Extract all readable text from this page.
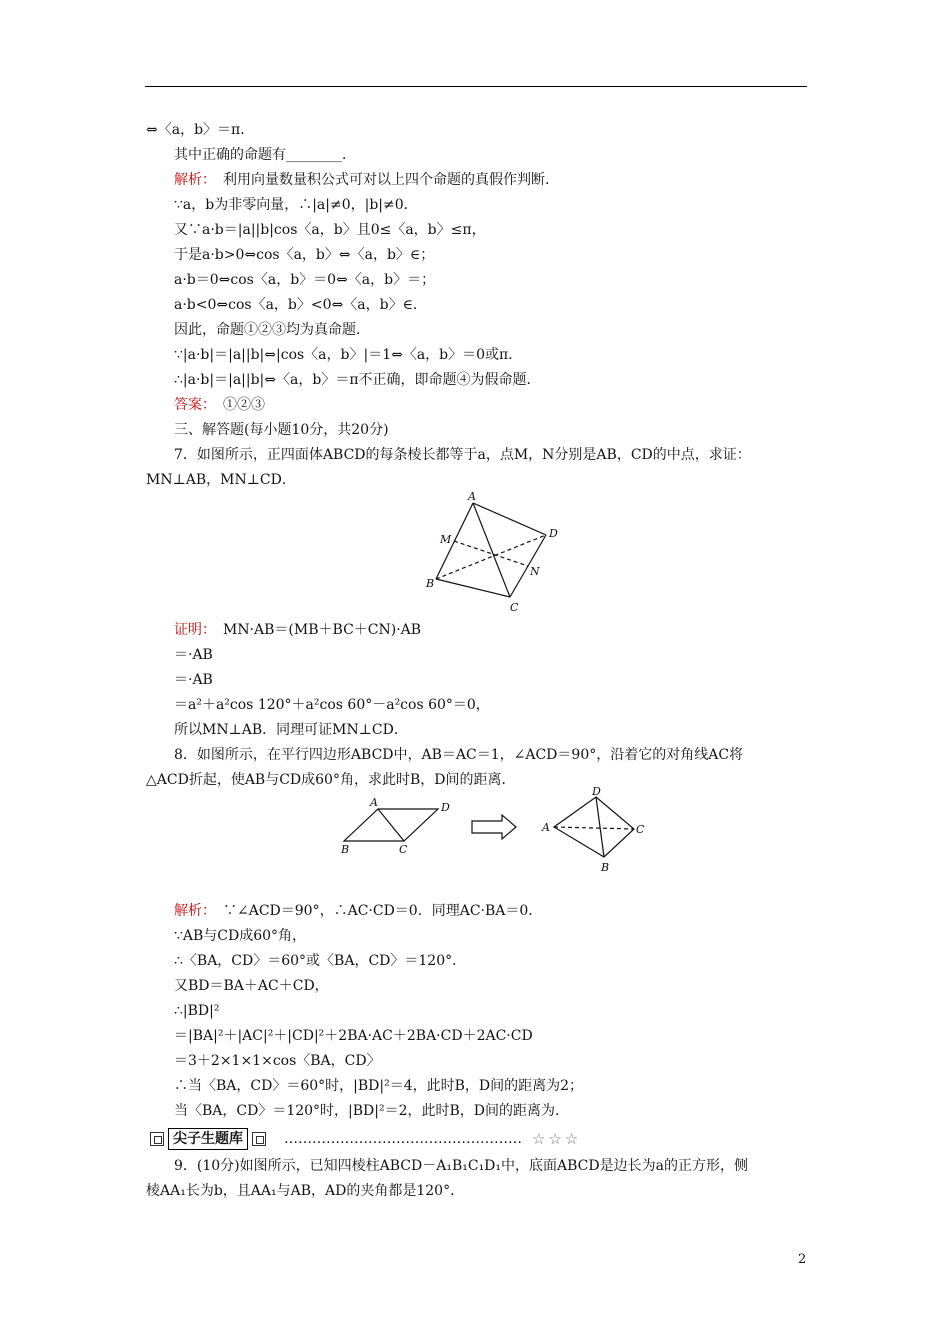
⇔〈a，b〉＝π．
其中正确的命题有________．
解析：　利用向量数量积公式可对以上四个命题的真假作判断．
∵a，b为非零向量，∴|a|≠0，|b|≠0．
又∵a·b＝|a||b|cos〈a，b〉且0≤〈a，b〉≤π，
于是a·b>0⇔cos〈a，b〉⇔〈a，b〉∈；
a·b＝0⇔cos〈a，b〉＝0⇔〈a，b〉＝；
a·b<0⇔cos〈a，b〉<0⇔〈a，b〉∈．
因此，命题①②③均为真命题．
∵|a·b|＝|a||b|⇔|cos〈a，b〉|＝1⇔〈a，b〉＝0或π．
∴|a·b|＝|a||b|⇔〈a，b〉＝π不正确，即命题④为假命题．
答案：　①②③
三、解答题(每小题10分，共20分)
7．如图所示，正四面体ABCD的每条棱长都等于a，点M，N分别是AB，CD的中点，求证：
MN⊥AB，MN⊥CD．
A
B
C
D
M
N
证明：　MN·AB＝(MB＋BC＋CN)·AB
＝·AB
＝·AB
＝a²＋a²cos 120°＋a²cos 60°－a²cos 60°＝0，
所以MN⊥AB．同理可证MN⊥CD．
8．如图所示，在平行四边形ABCD中，AB＝AC＝1，∠ACD＝90°，沿着它的对角线AC将
△ACD折起，使AB与CD成60°角，求此时B，D间的距离．
A	D
B	C
D
A	C
B
解析：　∵∠ACD＝90°，∴AC·CD＝0．同理AC·BA＝0．
∵AB与CD成60°角，
∴〈BA，CD〉＝60°或〈BA，CD〉＝120°．
又BD＝BA＋AC＋CD，
∴|BD|²
＝|BA|²＋|AC|²＋|CD|²＋2BA·AC＋2BA·CD＋2AC·CD
＝3＋2×1×1×cos〈BA，CD〉
∴当〈BA，CD〉＝60°时，|BD|²＝4，此时B，D间的距离为2；
当〈BA，CD〉＝120°时，|BD|²＝2，此时B，D间的距离为．
尖子生题库	…………………………………………… ☆☆☆
9．(10分)如图所示，已知四棱柱ABCD－A₁B₁C₁D₁中，底面ABCD是边长为a的正方形，侧
棱AA₁长为b，且AA₁与AB，AD的夹角都是120°．
2
